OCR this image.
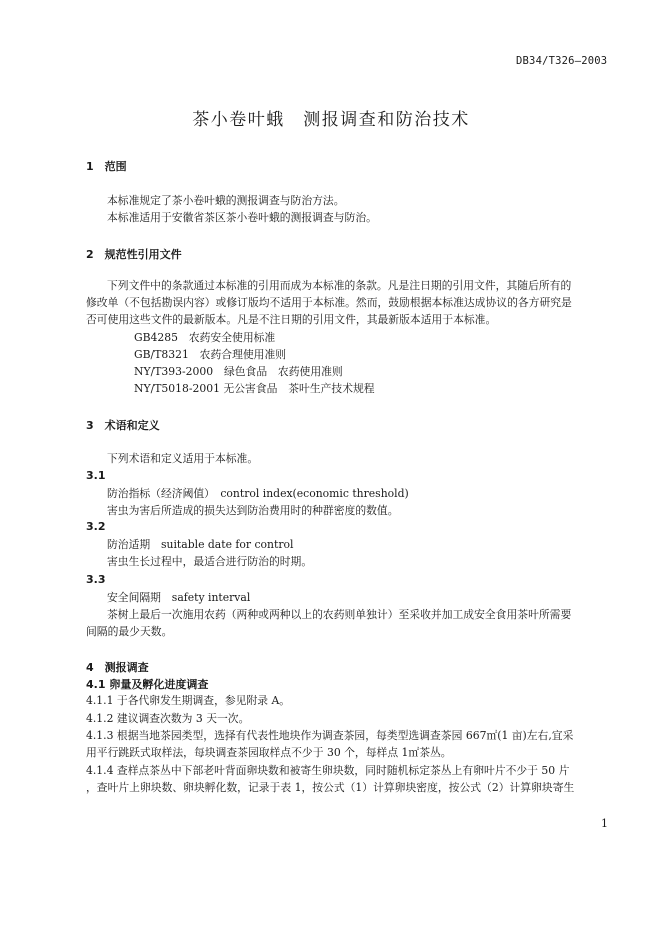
DB34/T326—2003
茶小卷叶蛾　测报调查和防治技术
1　范围
本标准规定了茶小卷叶蛾的测报调查与防治方法。
本标准适用于安徽省茶区茶小卷叶蛾的测报调查与防治。
2　规范性引用文件
下列文件中的条款通过本标准的引用而成为本标准的条款。凡是注日期的引用文件，其随后所有的
修改单（不包括勘误内容）或修订版均不适用于本标准。然而，鼓励根据本标准达成协议的各方研究是
否可使用这些文件的最新版本。凡是不注日期的引用文件，其最新版本适用于本标准。
GB4285　农药安全使用标准
GB/T8321　农药合理使用准则
NY/T393-2000　绿色食品　农药使用准则
NY/T5018-2001 无公害食品　茶叶生产技术规程
3　术语和定义
下列术语和定义适用于本标准。
3.1
防治指标（经济阈值）　control index(economic threshold)
害虫为害后所造成的损失达到防治费用时的种群密度的数值。
3.2
防治适期　suitable date for control
害虫生长过程中，最适合进行防治的时期。
3.3
安全间隔期　safety interval
茶树上最后一次施用农药（两种或两种以上的农药则单独计）至采收并加工成安全食用茶叶所需要
间隔的最少天数。
4　测报调查
4.1 卵量及孵化进度调查
4.1.1 于各代卵发生期调查，参见附录 A。
4.1.2 建议调查次数为 3 天一次。
4.1.3 根据当地茶园类型，选择有代表性地块作为调查茶园，每类型选调查茶园 667㎡(1 亩)左右,宜采
用平行跳跃式取样法，每块调查茶园取样点不少于 30 个，每样点 1㎡茶丛。
4.1.4 查样点茶丛中下部老叶背面卵块数和被寄生卵块数，同时随机标定茶丛上有卵叶片不少于 50 片
，查叶片上卵块数、卵块孵化数，记录于表 1，按公式（1）计算卵块密度，按公式（2）计算卵块寄生
1
